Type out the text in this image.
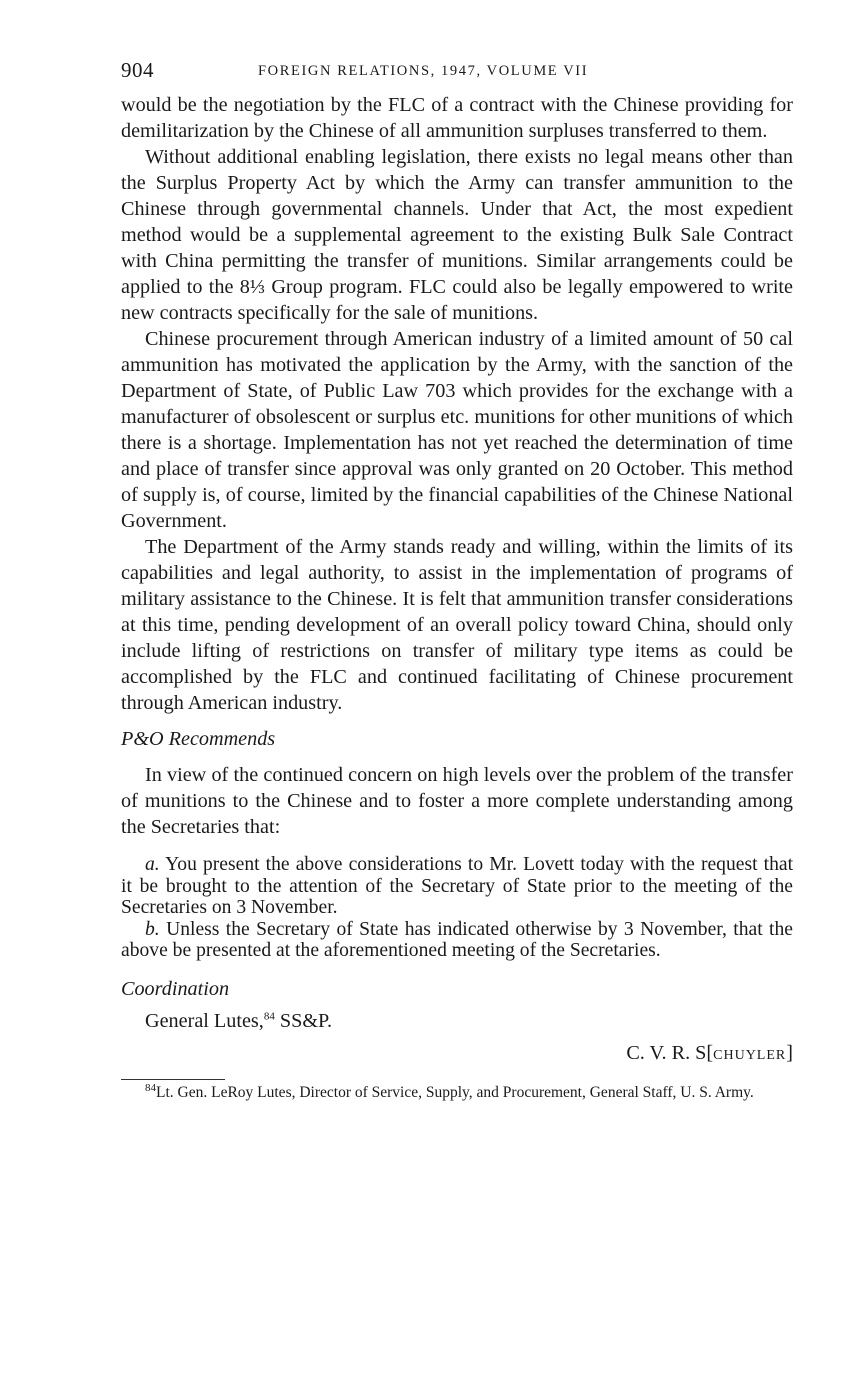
904	FOREIGN RELATIONS, 1947, VOLUME VII

would be the negotiation by the FLC of a contract with the Chinese providing for demilitarization by the Chinese of all ammunition surpluses transferred to them.

Without additional enabling legislation, there exists no legal means other than the Surplus Property Act by which the Army can transfer ammunition to the Chinese through governmental channels. Under that Act, the most expedient method would be a supplemental agreement to the existing Bulk Sale Contract with China permitting the transfer of munitions. Similar arrangements could be applied to the 8⅓ Group program. FLC could also be legally empowered to write new contracts specifically for the sale of munitions.

Chinese procurement through American industry of a limited amount of 50 cal ammunition has motivated the application by the Army, with the sanction of the Department of State, of Public Law 703 which provides for the exchange with a manufacturer of obsolescent or surplus etc. munitions for other munitions of which there is a shortage. Implementation has not yet reached the determination of time and place of transfer since approval was only granted on 20 October. This method of supply is, of course, limited by the financial capabilities of the Chinese National Government.

The Department of the Army stands ready and willing, within the limits of its capabilities and legal authority, to assist in the implementation of programs of military assistance to the Chinese. It is felt that ammunition transfer considerations at this time, pending development of an overall policy toward China, should only include lifting of restrictions on transfer of military type items as could be accomplished by the FLC and continued facilitating of Chinese procurement through American industry.

P&O Recommends

In view of the continued concern on high levels over the problem of the transfer of munitions to the Chinese and to foster a more complete understanding among the Secretaries that:

a. You present the above considerations to Mr. Lovett today with the request that it be brought to the attention of the Secretary of State prior to the meeting of the Secretaries on 3 November.

b. Unless the Secretary of State has indicated otherwise by 3 November, that the above be presented at the aforementioned meeting of the Secretaries.

Coordination

General Lutes,$^{84}$ SS&P.

C. V. R. S[CHUYLER]

$^{84}$Lt. Gen. LeRoy Lutes, Director of Service, Supply, and Procurement, General Staff, U. S. Army.
